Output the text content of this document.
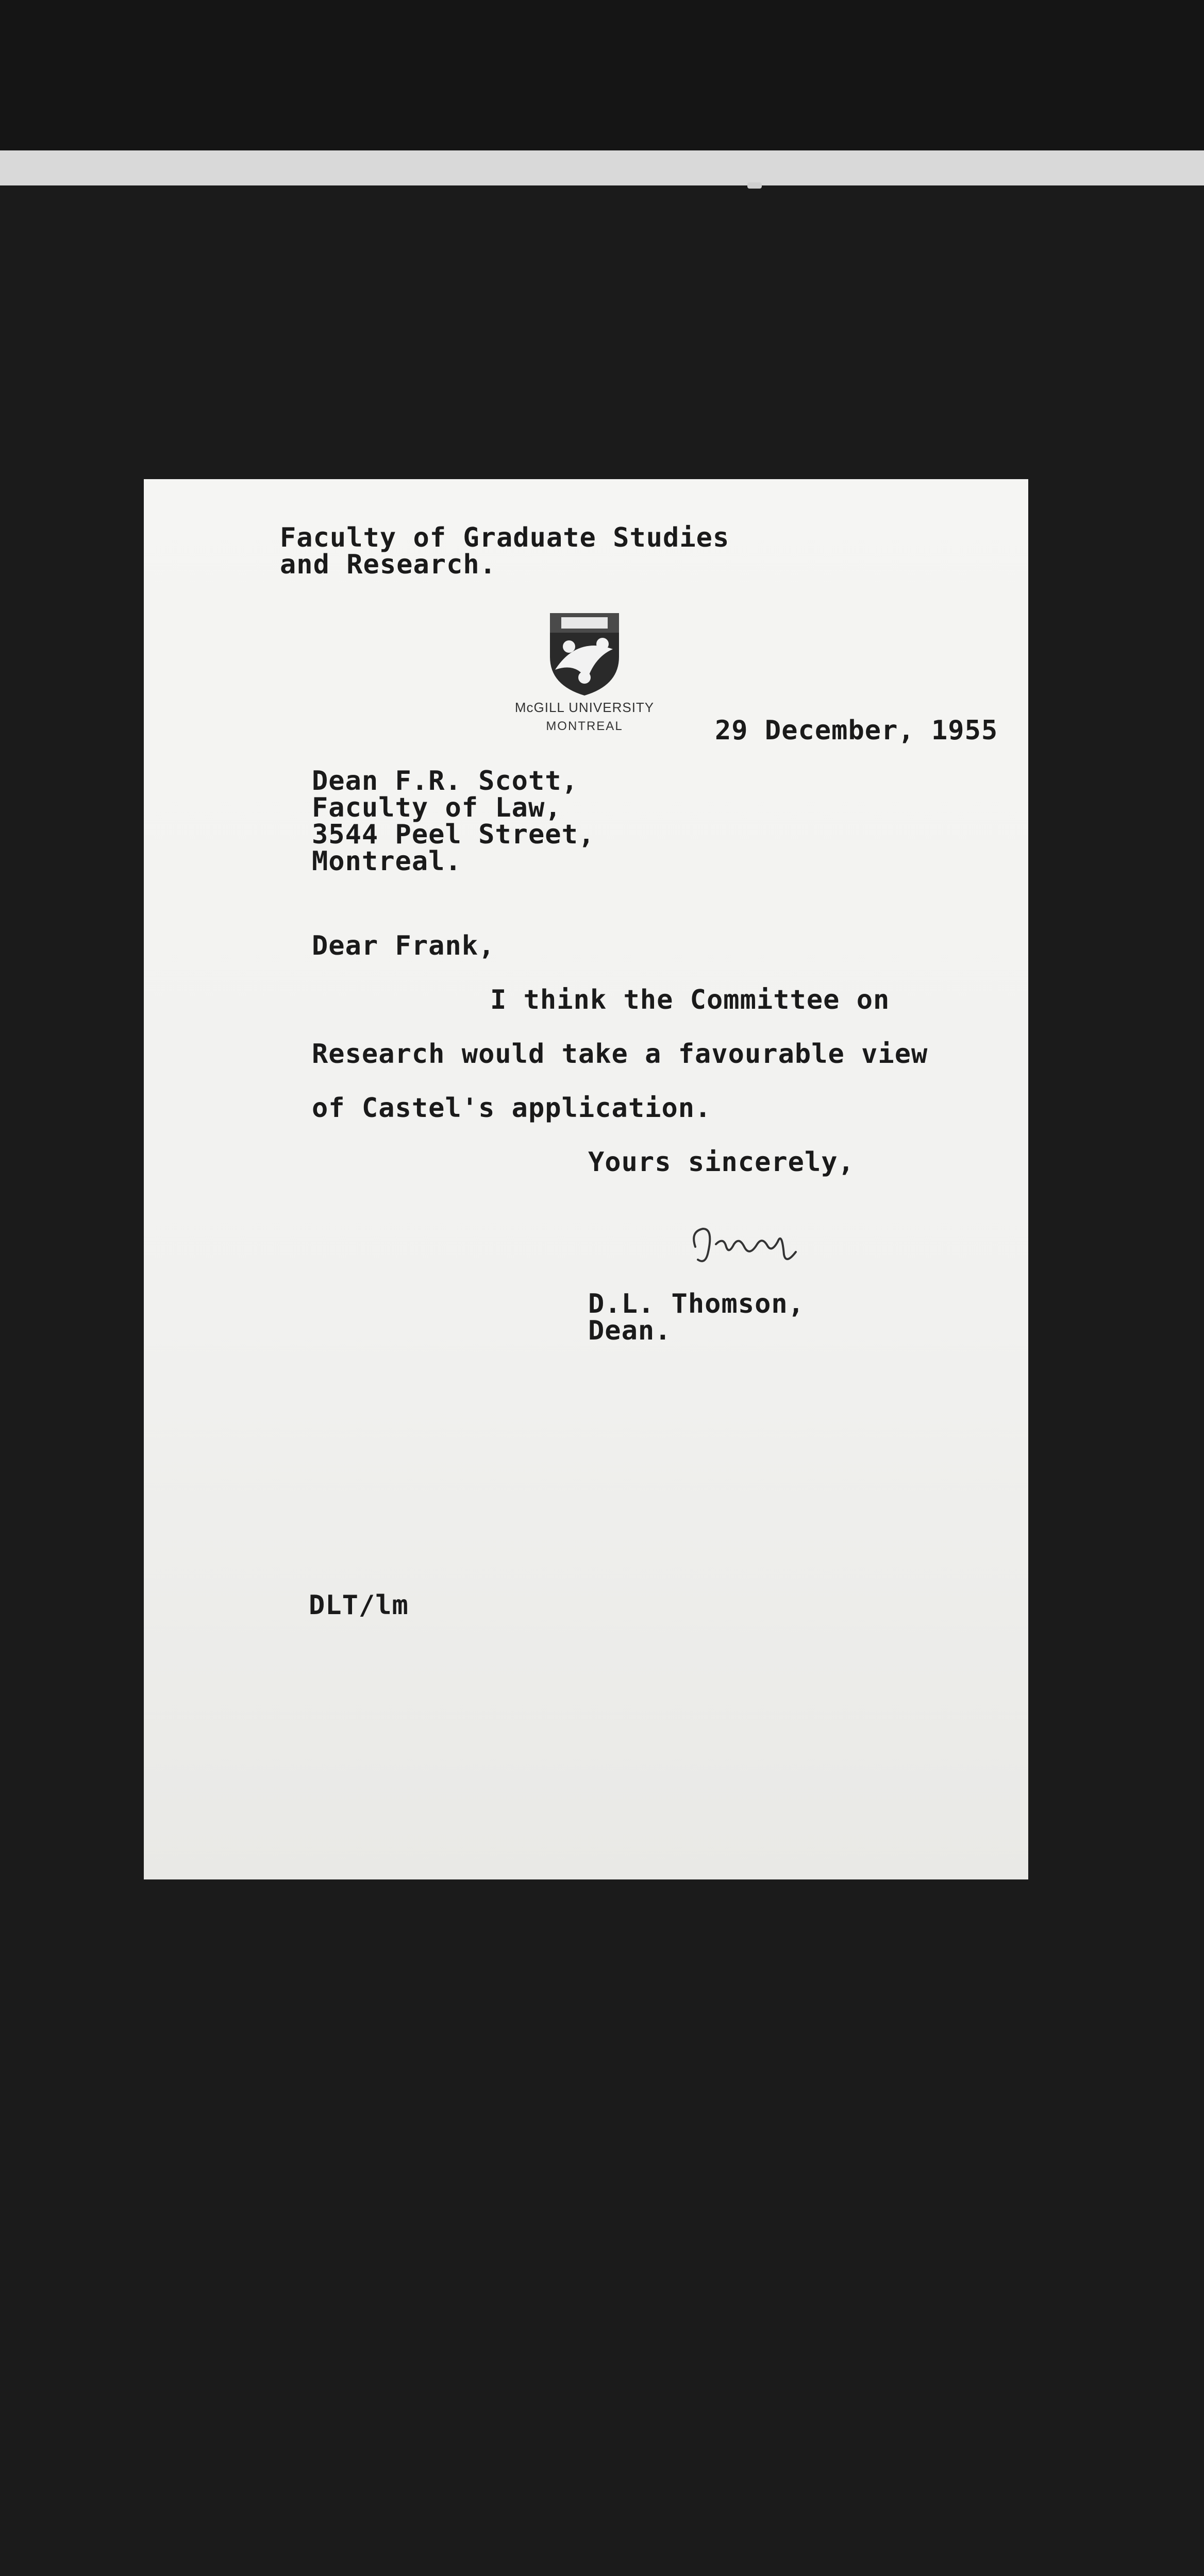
Faculty of Graduate Studies
and Research.
McGILL UNIVERSITY
MONTREAL	29 December, 1955
Dean F.R. Scott,
Faculty of Law,
3544 Peel Street,
Montreal.
Dear Frank,
I think the Committee on
Research would take a favourable view
of Castel's application.
Yours sincerely,
D.L. Thomson,
Dean.
DLT/lm
